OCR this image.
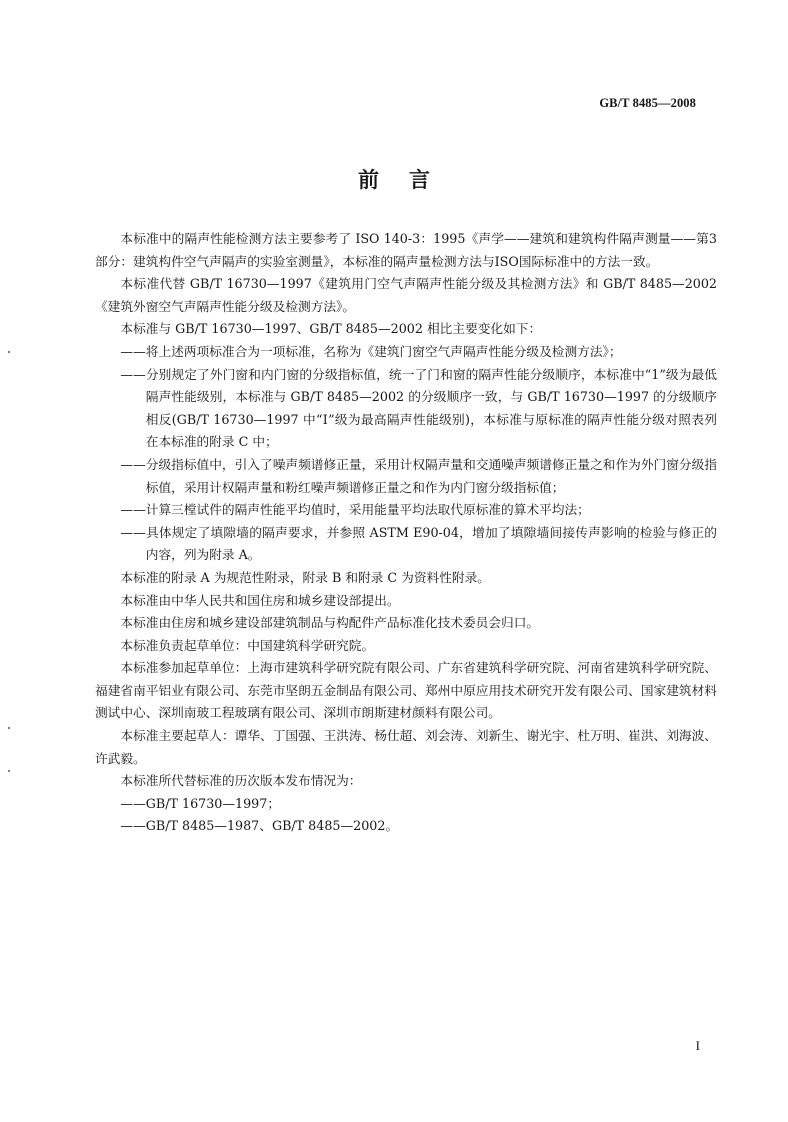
GB/T 8485—2008
前言

本标准中的隔声性能检测方法主要参考了 ISO 140-3：1995《声学——建筑和建筑构件隔声测量——第3部分：建筑构件空气声隔声的实验室测量》，本标准的隔声量检测方法与ISO国际标准中的方法一致。

本标准代替 GB/T 16730—1997《建筑用门空气声隔声性能分级及其检测方法》和 GB/T 8485—2002《建筑外窗空气声隔声性能分级及检测方法》。

本标准与 GB/T 16730—1997、GB/T 8485—2002 相比主要变化如下：

——将上述两项标准合为一项标准，名称为《建筑门窗空气声隔声性能分级及检测方法》；
——分别规定了外门窗和内门窗的分级指标值，统一了门和窗的隔声性能分级顺序，本标准中“1”级为最低隔声性能级别，本标准与 GB/T 8485—2002 的分级顺序一致，与 GB/T 16730—1997 的分级顺序相反(GB/T 16730—1997 中“Ⅰ”级为最高隔声性能级别)，本标准与原标准的隔声性能分级对照表列在本标准的附录 C 中；
——分级指标值中，引入了噪声频谱修正量，采用计权隔声量和交通噪声频谱修正量之和作为外门窗分级指标值，采用计权隔声量和粉红噪声频谱修正量之和作为内门窗分级指标值；
——计算三樘试件的隔声性能平均值时，采用能量平均法取代原标准的算术平均法；
——具体规定了填隙墙的隔声要求，并参照 ASTM E90-04，增加了填隙墙间接传声影响的检验与修正的内容，列为附录 A。

本标准的附录 A 为规范性附录，附录 B 和附录 C 为资料性附录。

本标准由中华人民共和国住房和城乡建设部提出。

本标准由住房和城乡建设部建筑制品与构配件产品标准化技术委员会归口。

本标准负责起草单位：中国建筑科学研究院。

本标准参加起草单位：上海市建筑科学研究院有限公司、广东省建筑科学研究院、河南省建筑科学研究院、福建省南平铝业有限公司、东莞市坚朗五金制品有限公司、郑州中原应用技术研究开发有限公司、国家建筑材料测试中心、深圳南玻工程玻璃有限公司、深圳市朗斯建材颜料有限公司。

本标准主要起草人：谭华、丁国强、王洪涛、杨仕超、刘会涛、刘新生、谢光宇、杜万明、崔洪、刘海波、许武毅。

本标准所代替标准的历次版本发布情况为：

——GB/T 16730—1997；
——GB/T 8485—1987、GB/T 8485—2002。
I
